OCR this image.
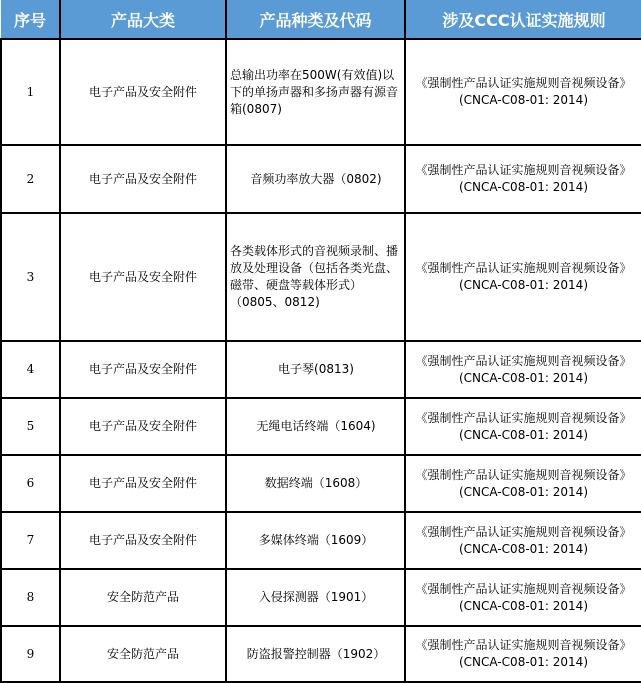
序号	产品大类	产品种类及代码	涉及CCC认证实施规则
1	电子产品及安全附件	总输出功率在500W(有效值)以下的单扬声器和多扬声器有源音箱(0807)	《强制性产品认证实施规则音视频设备》(CNCA-C08-01: 2014)
2	电子产品及安全附件	音频功率放大器（0802)	《强制性产品认证实施规则音视频设备》(CNCA-C08-01: 2014)
3	电子产品及安全附件	各类载体形式的音视频录制、播放及处理设备（包括各类光盘、磁带、硬盘等载体形式）（0805、0812)	《强制性产品认证实施规则音视频设备》(CNCA-C08-01: 2014)
4	电子产品及安全附件	电子琴(0813)	《强制性产品认证实施规则音视频设备》(CNCA-C08-01: 2014)
5	电子产品及安全附件	无绳电话终端（1604)	《强制性产品认证实施规则音视频设备》(CNCA-C08-01: 2014)
6	电子产品及安全附件	数据终端（1608）	《强制性产品认证实施规则音视频设备》(CNCA-C08-01: 2014)
7	电子产品及安全附件	多媒体终端（1609）	《强制性产品认证实施规则音视频设备》(CNCA-C08-01: 2014)
8	安全防范产品	入侵探测器（1901）	《强制性产品认证实施规则音视频设备》(CNCA-C08-01: 2014)
9	安全防范产品	防盗报警控制器（1902）	《强制性产品认证实施规则音视频设备》(CNCA-C08-01: 2014)
